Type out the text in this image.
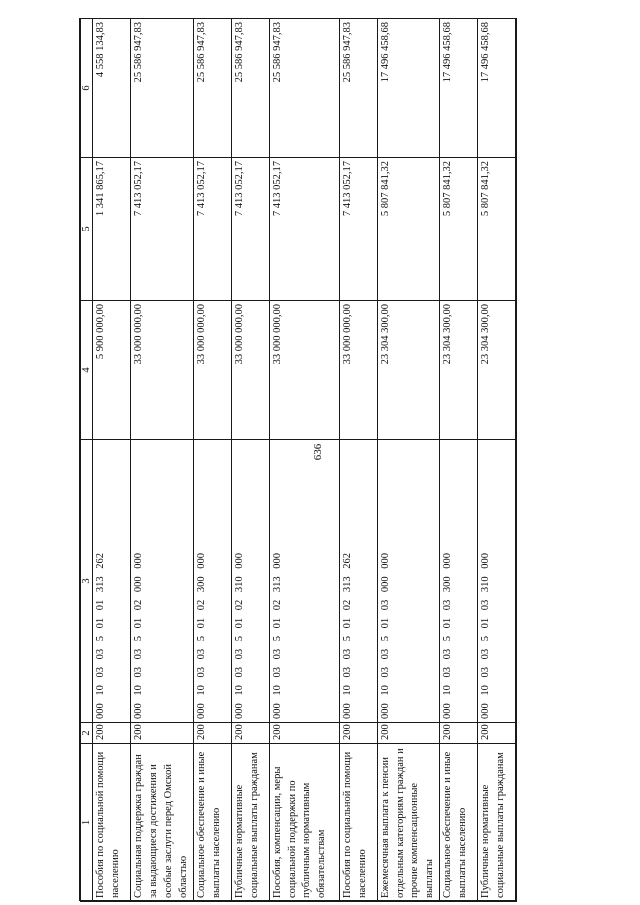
636
1	2	3	4	5	6
Пособия по социальной помощи населению	200	000 10 03 03 5 01 01 313 262	5 900 000,00	1 341 865,17	4 558 134,83
Социальная поддержка граждан за выдающиеся достижения и особые заслуги перед Омской областью	200	000 10 03 03 5 01 02 000 000	33 000 000,00	7 413 052,17	25 586 947,83
Социальное обеспечение и иные выплаты населению	200	000 10 03 03 5 01 02 300 000	33 000 000,00	7 413 052,17	25 586 947,83
Публичные нормативные социальные выплаты гражданам	200	000 10 03 03 5 01 02 310 000	33 000 000,00	7 413 052,17	25 586 947,83
Пособия, компенсации, меры социальной поддержки по публичным нормативным обязательствам	200	000 10 03 03 5 01 02 313 000	33 000 000,00	7 413 052,17	25 586 947,83
Пособия по социальной помощи населению	200	000 10 03 03 5 01 02 313 262	33 000 000,00	7 413 052,17	25 586 947,83
Ежемесячная выплата к пенсии отдельным категориям граждан и прочие компенсационные выплаты	200	000 10 03 03 5 01 03 000 000	23 304 300,00	5 807 841,32	17 496 458,68
Социальное обеспечение и иные выплаты населению	200	000 10 03 03 5 01 03 300 000	23 304 300,00	5 807 841,32	17 496 458,68
Публичные нормативные социальные выплаты гражданам	200	000 10 03 03 5 01 03 310 000	23 304 300,00	5 807 841,32	17 496 458,68
